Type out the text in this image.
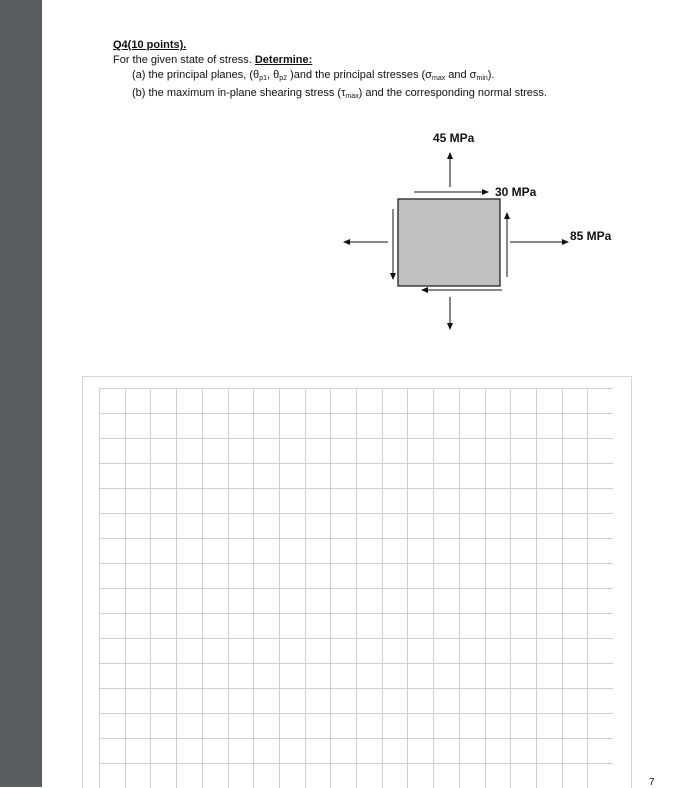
Q4(10 points).
For the given state of stress. Determine:
(a) the principal planes, ($\theta_{p1}$, $\theta_{p2}$ )and the principal stresses ($\sigma_{max}$ and $\sigma_{min}$).
(b) the maximum in-plane shearing stress $(\tau_{max})$ and the corresponding normal stress.
45 MPa
30 MPa
85 MPa
7
